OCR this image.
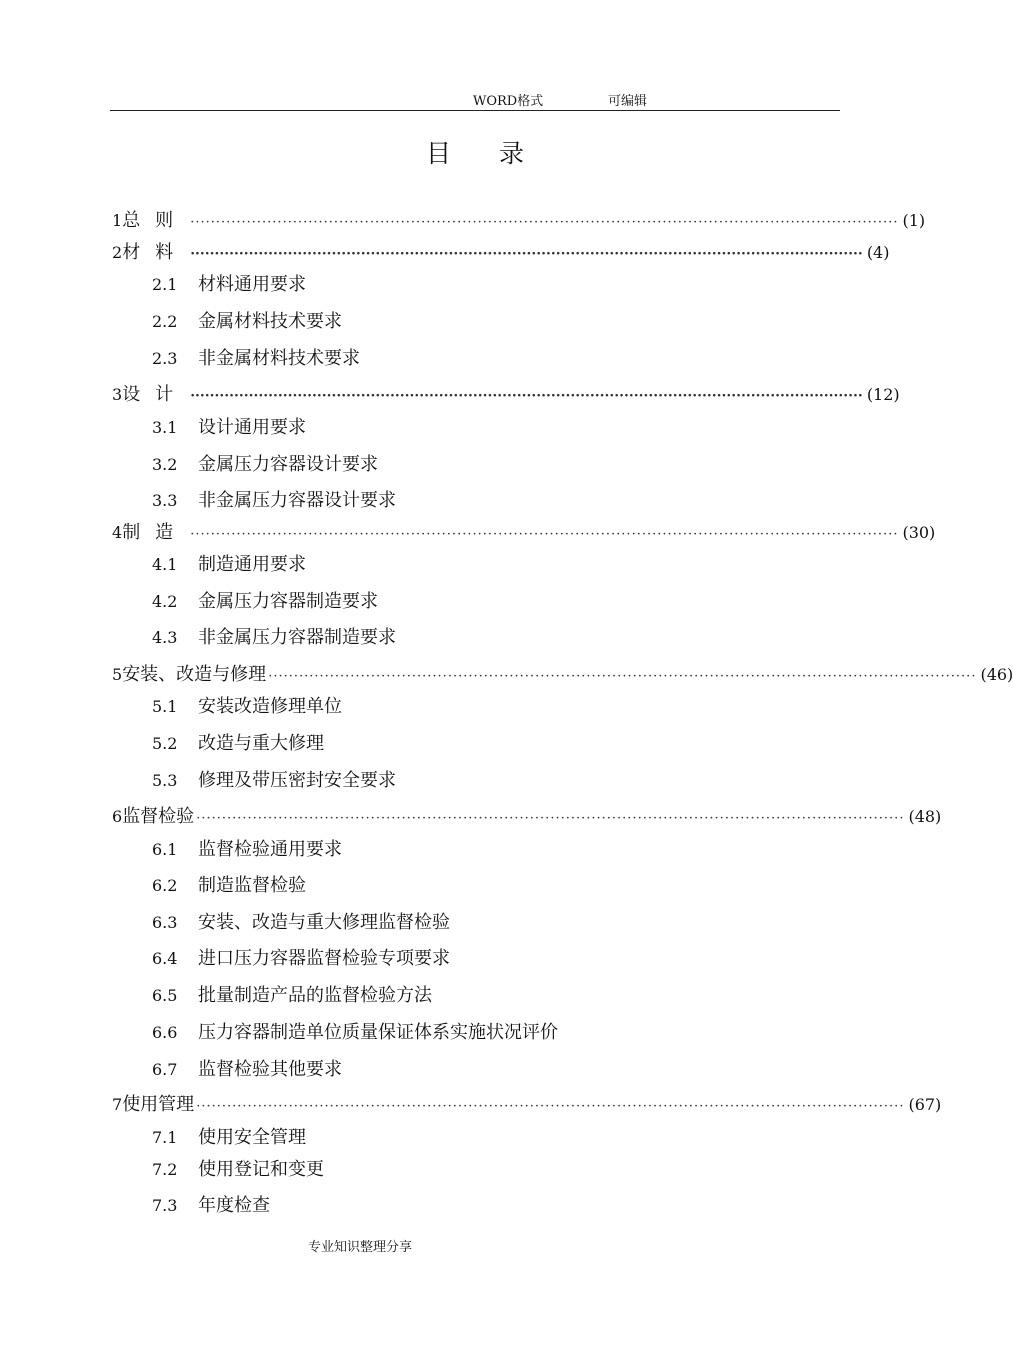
WORD格式	可编辑
目录
1 总则 ·········································································································································· (1)
2 材料 ·········································································································································· (4)
2.1	材料通用要求
2.2	金属材料技术要求
2.3	非金属材料技术要求
3 设计 ·········································································································································· (12)
3.1	设计通用要求
3.2	金属压力容器设计要求
3.3	非金属压力容器设计要求
4 制造 ·········································································································································· (30)
4.1	制造通用要求
4.2	金属压力容器制造要求
4.3	非金属压力容器制造要求
5 安装、改造与修理 ·········································································································································· (46)
5.1	安装改造修理单位
5.2	改造与重大修理
5.3	修理及带压密封安全要求
6 监督检验 ·········································································································································· (48)
6.1	监督检验通用要求
6.2	制造监督检验
6.3	安装、改造与重大修理监督检验
6.4	进口压力容器监督检验专项要求
6.5	批量制造产品的监督检验方法
6.6	压力容器制造单位质量保证体系实施状况评价
6.7	监督检验其他要求
7 使用管理 ·········································································································································· (67)
7.1	使用安全管理
7.2	使用登记和变更
7.3	年度检查
专业知识整理分享
